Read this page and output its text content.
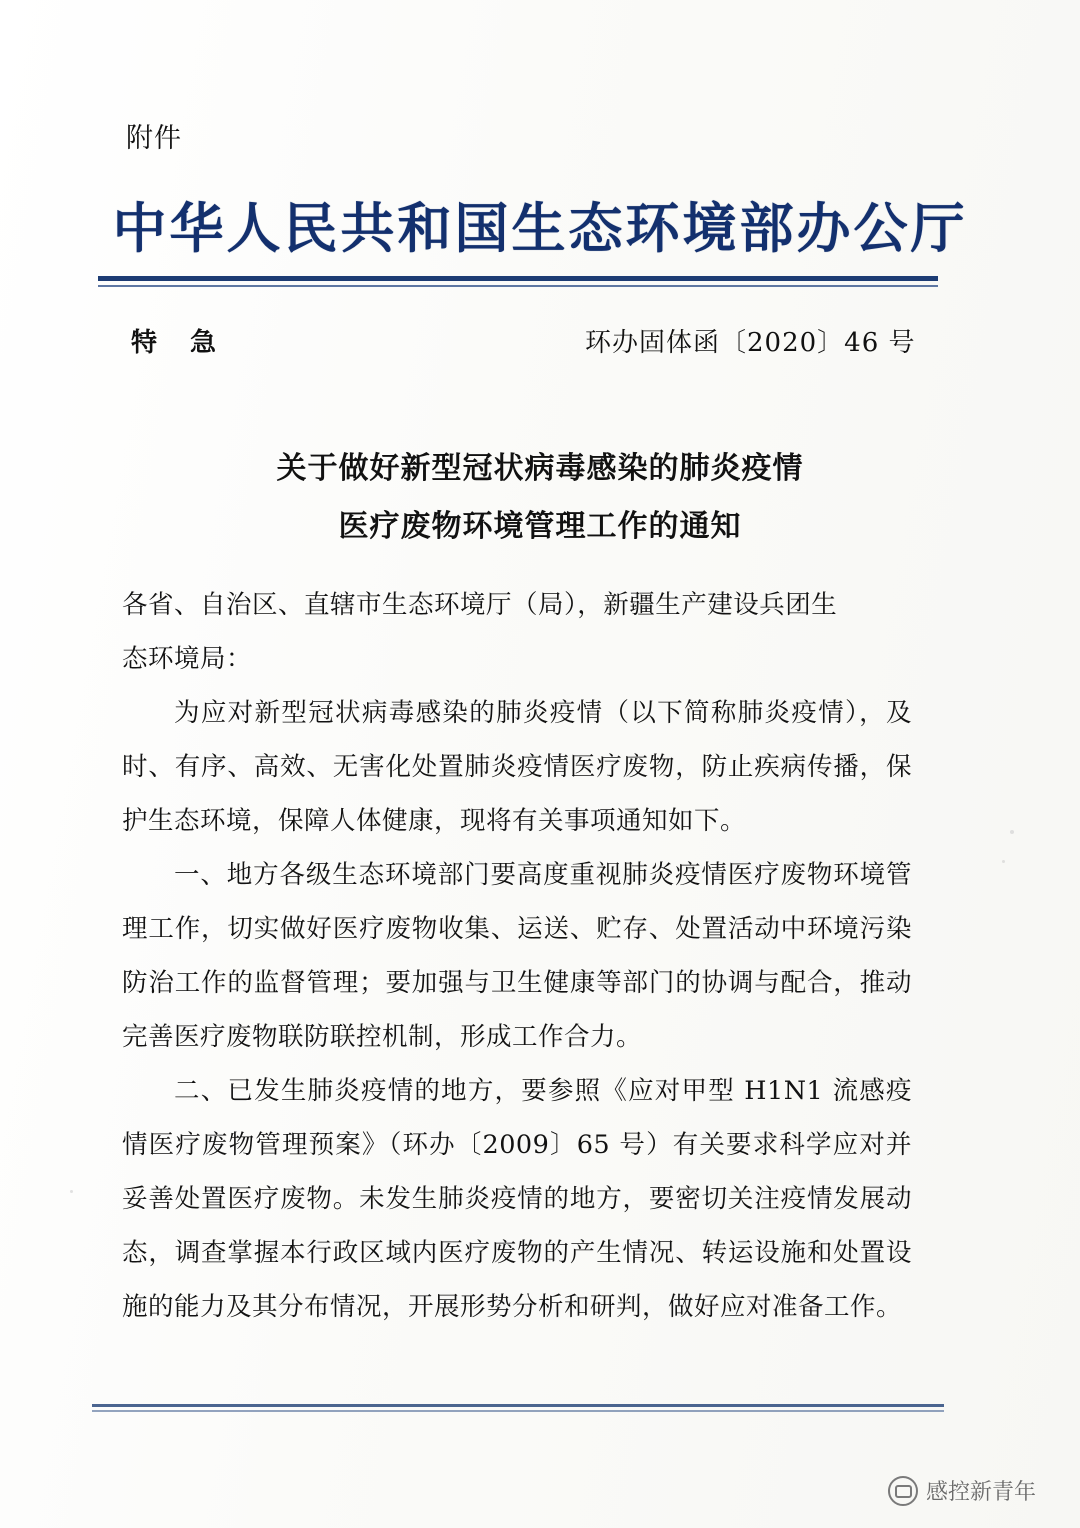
附件
中华人民共和国生态环境部办公厅
特 急	环办固体函〔2020〕46 号
关于做好新型冠状病毒感染的肺炎疫情
医疗废物环境管理工作的通知

各省、自治区、直辖市生态环境厅（局），新疆生产建设兵团生

态环境局：

为应对新型冠状病毒感染的肺炎疫情（以下简称肺炎疫情），及时、有序、高效、无害化处置肺炎疫情医疗废物，防止疾病传播，保护生态环境，保障人体健康，现将有关事项通知如下。

一、地方各级生态环境部门要高度重视肺炎疫情医疗废物环境管理工作，切实做好医疗废物收集、运送、贮存、处置活动中环境污染防治工作的监督管理；要加强与卫生健康等部门的协调与配合，推动完善医疗废物联防联控机制，形成工作合力。

二、已发生肺炎疫情的地方，要参照《应对甲型 H1N1 流感疫情医疗废物管理预案》（环办〔2009〕65 号）有关要求科学应对并妥善处置医疗废物。未发生肺炎疫情的地方，要密切关注疫情发展动态，调查掌握本行政区域内医疗废物的产生情况、转运设施和处置设施的能力及其分布情况，开展形势分析和研判，做好应对准备工作。

感控新青年
